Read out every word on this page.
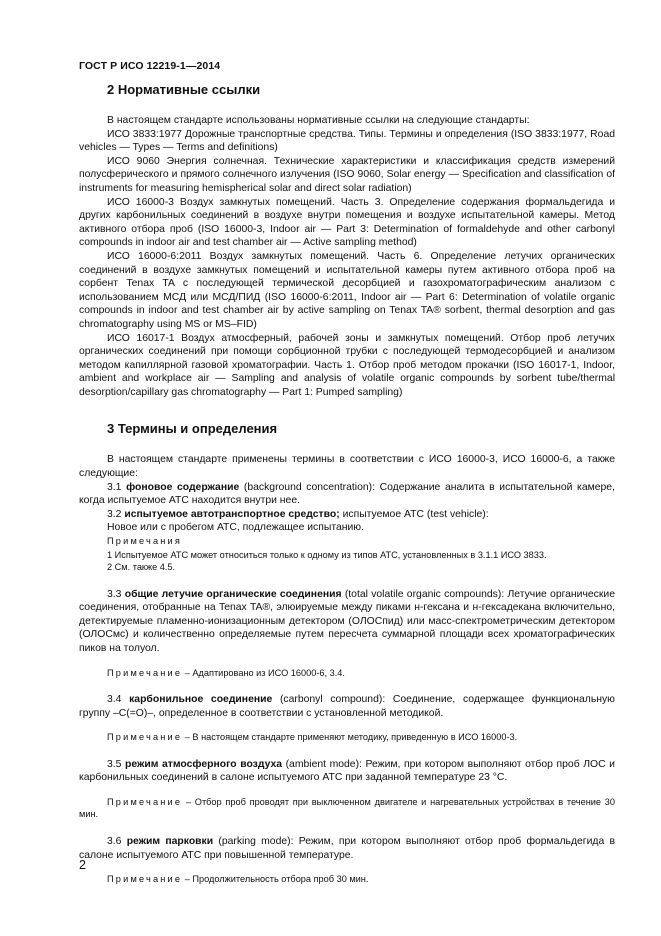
ГОСТ Р ИСО 12219-1—2014
2 Нормативные ссылки

В настоящем стандарте использованы нормативные ссылки на следующие стандарты:

ИСО 3833:1977 Дорожные транспортные средства. Типы. Термины и определения (ISO 3833:1977, Road vehicles — Types — Terms and definitions)

ИСО 9060 Энергия солнечная. Технические характеристики и классификация средств измерений полусферического и прямого солнечного излучения (ISO 9060, Solar energy — Specification and classification of instruments for measuring hemispherical solar and direct solar radiation)

ИСО 16000-3 Воздух замкнутых помещений. Часть 3. Определение содержания формальдегида и других карбонильных соединений в воздухе внутри помещения и воздухе испытательной камеры. Метод активного отбора проб (ISO 16000-3, Indoor air — Part 3: Determination of formaldehyde and other carbonyl compounds in indoor air and test chamber air — Active sampling method)

ИСО 16000-6:2011 Воздух замкнутых помещений. Часть 6. Определение летучих органических соединений в воздухе замкнутых помещений и испытательной камеры путем активного отбора проб на сорбент Tenax TA с последующей термической десорбцией и газохроматографическим анализом с использованием МСД или МСД/ПИД (ISO 16000-6:2011, Indoor air — Part 6: Determination of volatile organic compounds in indoor and test chamber air by active sampling on Tenax TA® sorbent, thermal desorption and gas chromatography using MS or MS–FID)

ИСО 16017-1 Воздух атмосферный, рабочей зоны и замкнутых помещений. Отбор проб летучих органических соединений при помощи сорбционной трубки с последующей термодесорбцией и анализом методом капиллярной газовой хроматографии. Часть 1. Отбор проб методом прокачки (ISO 16017-1, Indoor, ambient and workplace air — Sampling and analysis of volatile organic compounds by sorbent tube/thermal desorption/capillary gas chromatography — Part 1: Pumped sampling)

3 Термины и определения

В настоящем стандарте применены термины в соответствии с ИСО 16000-3, ИСО 16000-6, а также следующие:

3.1 фоновое содержание (background concentration): Содержание аналита в испытательной камере, когда испытуемое АТС находится внутри нее.

3.2 испытуемое автотранспортное средство; испытуемое АТС (test vehicle):

Новое или с пробегом АТС, подлежащее испытанию.

Примечания

1 Испытуемое АТС может относиться только к одному из типов АТС, установленных в 3.1.1 ИСО 3833.

2 См. также 4.5.

3.3 общие летучие органические соединения (total volatile organic compounds): Летучие органические соединения, отобранные на Tenax TA®, элюируемые между пиками н-гексана и н-гексадекана включительно, детектируемые пламенно-ионизационным детектором (ОЛОСпид) или масс-спектрометрическим детектором (ОЛОСмс) и количественно определяемые путем пересчета суммарной площади всех хроматографических пиков на толуол.

Примечание – Адаптировано из ИСО 16000-6, 3.4.

3.4 карбонильное соединение (carbonyl compound): Соединение, содержащее функциональную группу –C(=O)–, определенное в соответствии с установленной методикой.

Примечание – В настоящем стандарте применяют методику, приведенную в ИСО 16000-3.

3.5 режим атмосферного воздуха (ambient mode): Режим, при котором выполняют отбор проб ЛОС и карбонильных соединений в салоне испытуемого АТС при заданной температуре 23 °С.

Примечание – Отбор проб проводят при выключенном двигателе и нагревательных устройствах в течение 30 мин.

3.6 режим парковки (parking mode): Режим, при котором выполняют отбор проб формальдегида в салоне испытуемого АТС при повышенной температуре.

Примечание – Продолжительность отбора проб 30 мин.

2
